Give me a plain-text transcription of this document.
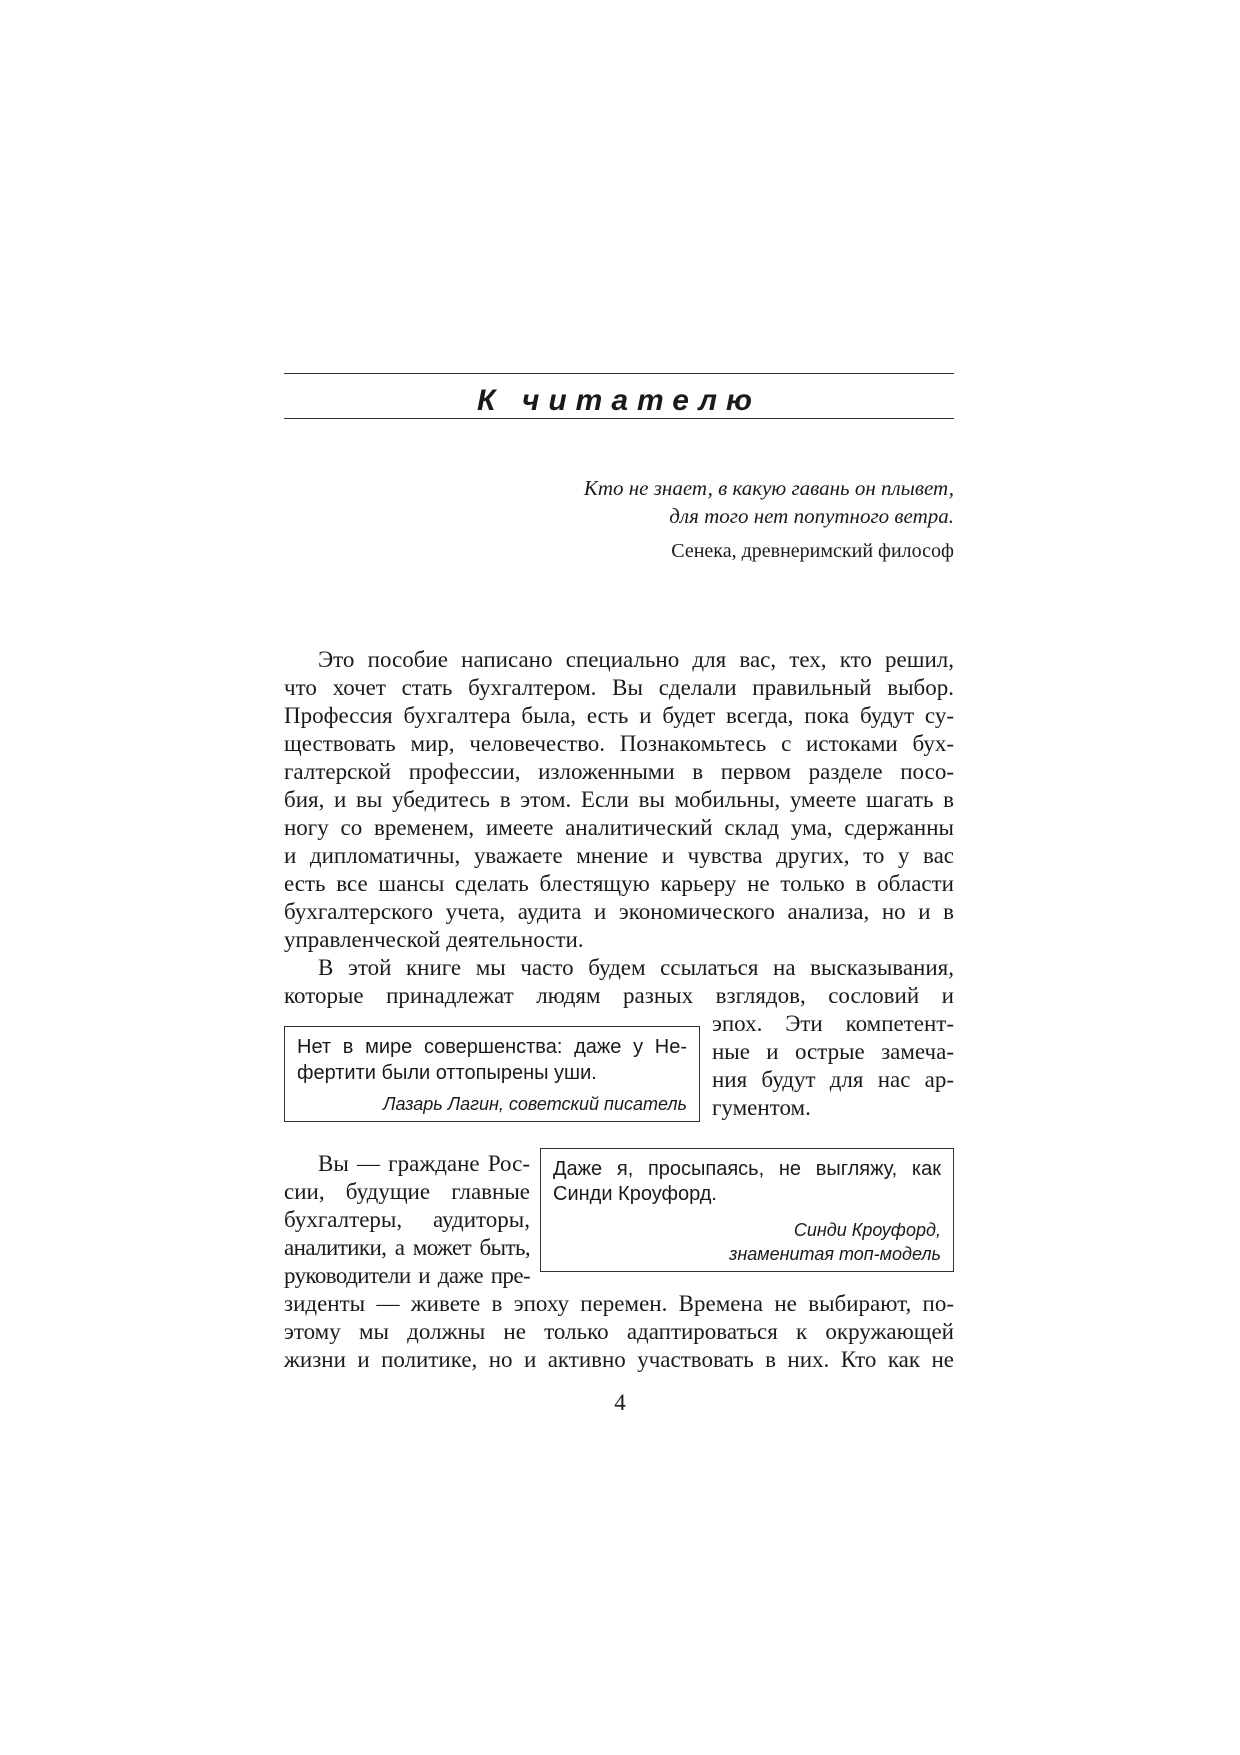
К читателю
Кто не знает, в какую гавань он плывет,
для того нет попутного ветра.
Сенека, древнеримский философ
Это пособие написано специально для вас, тех, кто решил,
что хочет стать бухгалтером. Вы сделали правильный выбор.
Профессия бухгалтера была, есть и будет всегда, пока будут су-
ществовать мир, человечество. Познакомьтесь с истоками бух-
галтерской профессии, изложенными в первом разделе посо-
бия, и вы убедитесь в этом. Если вы мобильны, умеете шагать в
ногу со временем, имеете аналитический склад ума, сдержанны
и дипломатичны, уважаете мнение и чувства других, то у вас
есть все шансы сделать блестящую карьеру не только в области
бухгалтерского учета, аудита и экономического анализа, но и в
управленческой деятельности.
В этой книге мы часто будем ссылаться на высказывания,
которые принадлежат людям разных взглядов, сословий и
эпох. Эти компетент-
ные и острые замеча-
ния будут для нас ар-
гументом.
Нет в мире совершенства: даже у Не-
фертити были оттопырены уши.
Лазарь Лагин, советский писатель
Вы — граждане Рос-
сии, будущие главные
бухгалтеры, аудиторы,
аналитики, а может быть,
руководители и даже пре-
зиденты — живете в эпоху перемен. Времена не выбирают, по-
этому мы должны не только адаптироваться к окружающей
жизни и политике, но и активно участвовать в них. Кто как не
Даже я, просыпаясь, не выгляжу, как
Синди Кроуфорд.
Синди Кроуфорд,
знаменитая топ-модель
4
